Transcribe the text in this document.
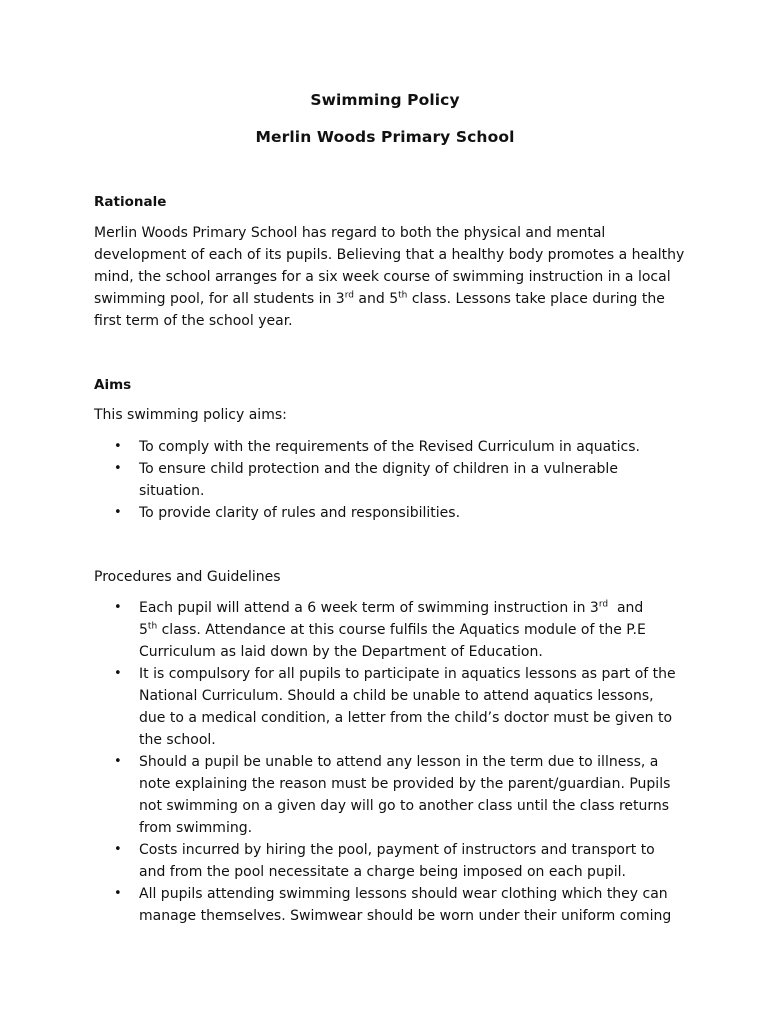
Swimming Policy
Merlin Woods Primary School
Rationale

Merlin Woods Primary School has regard to both the physical and mental development of each of its pupils. Believing that a healthy body promotes a healthy mind, the school arranges for a six week course of swimming instruction in a local swimming pool, for all students in 3rd and 5th class. Lessons take place during the first term of the school year.

Aims

This swimming policy aims:

• To comply with the requirements of the Revised Curriculum in aquatics.
• To ensure child protection and the dignity of children in a vulnerable situation.
• To provide clarity of rules and responsibilities.
Procedures and Guidelines
• Each pupil will attend a 6 week term of swimming instruction in 3rd  and
5th class. Attendance at this course fulfils the Aquatics module of the P.E Curriculum as laid down by the Department of Education.
• It is compulsory for all pupils to participate in aquatics lessons as part of the National Curriculum. Should a child be unable to attend aquatics lessons, due to a medical condition, a letter from the child’s doctor must be given to the school.
• Should a pupil be unable to attend any lesson in the term due to illness, a note explaining the reason must be provided by the parent/guardian. Pupils not swimming on a given day will go to another class until the class returns from swimming.
• Costs incurred by hiring the pool, payment of instructors and transport to and from the pool necessitate a charge being imposed on each pupil.
• All pupils attending swimming lessons should wear clothing which they can manage themselves. Swimwear should be worn under their uniform coming
